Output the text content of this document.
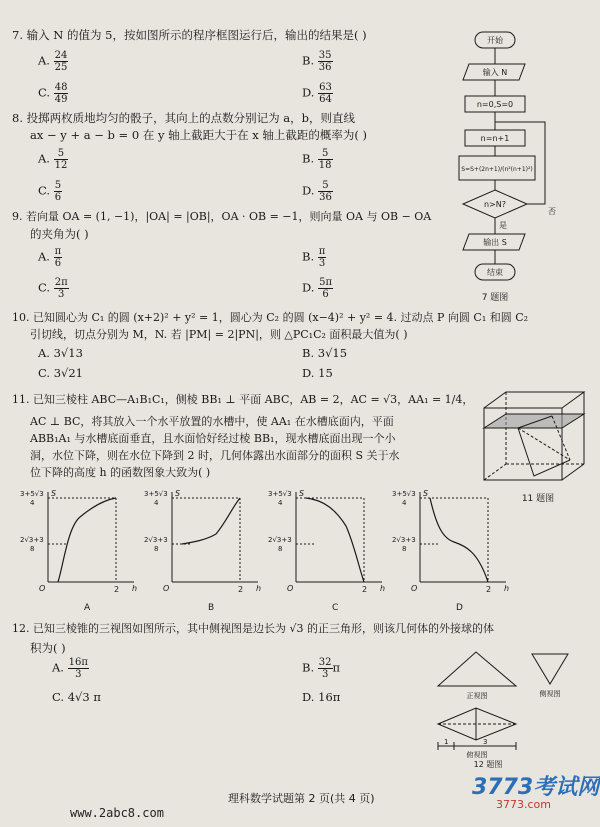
7. 输入 N 的值为 5，按如图所示的程序框图运行后，输出的结果是( )
A. $\frac{24}{25}$	B. $\frac{35}{36}$
C. $\frac{48}{49}$	D. $\frac{63}{64}$
开始
输入 N
n=0,S=0
n=n+1
S=S+(2n+1)/(n²(n+1)²)
n>N?
否
是
输出 S
结束
7 题图
8. 投掷两枚质地均匀的骰子，其向上的点数分别记为 a，b，则直线
ax − y + a − b = 0 在 y 轴上截距大于在 x 轴上截距的概率为( )
A. $\frac{5}{12}$	B. $\frac{5}{18}$
C. $\frac{5}{6}$	D. $\frac{5}{36}$
9. 若向量 OA = (1, −1)，|OA| = |OB|，OA · OB = −1，则向量 OA 与 OB − OA
的夹角为( )
A. $\frac{\pi}{6}$	B. $\frac{\pi}{3}$
C. $\frac{2\pi}{3}$	D. $\frac{5\pi}{6}$
10. 已知圆心为 C₁ 的圆 (x+2)² + y² = 1，圆心为 C₂ 的圆 (x−4)² + y² = 4. 过动点 P 向圆 C₁ 和圆 C₂
引切线，切点分别为 M，N. 若 |PM| = 2|PN|，则 △PC₁C₂ 面积最大值为( )
A. 3√13	B. 3√15
C. 3√21	D. 15
11. 已知三棱柱 ABC—A₁B₁C₁，侧棱 BB₁ ⊥ 平面 ABC，AB = 2，AC = √3，AA₁ = 1/4，
AC ⊥ BC，将其放入一个水平放置的水槽中，使 AA₁ 在水槽底面内，平面
ABB₁A₁ 与水槽底面垂直，且水面恰好经过棱 BB₁，现水槽底面出现一个小
洞，水位下降，则在水位下降到 2 时，几何体露出水面部分的面积 S 关于水
位下降的高度 h 的函数图象大致为( )
11 题图
3+5√3
4
2√3+3
8
S
h
O	2
A
3+5√3
4
2√3+3
8
S
h
O	2
B
3+5√3
4
2√3+3
8
S
h
O	2
C
3+5√3
4
2√3+3
8
S
h
O	2
D
12. 已知三棱锥的三视图如图所示，其中侧视图是边长为 √3 的正三角形，则该几何体的外接球的体
积为( )
A. $\frac{16\pi}{3}$	B. $\frac{32}{3}$ π
C. 4√3 π	D. 16π	正视图	侧视图
俯视图
1	3
12 题图
理科数学试题第 2 页(共 4 页)
www.2abc8.com
3773考试网
3773.com
